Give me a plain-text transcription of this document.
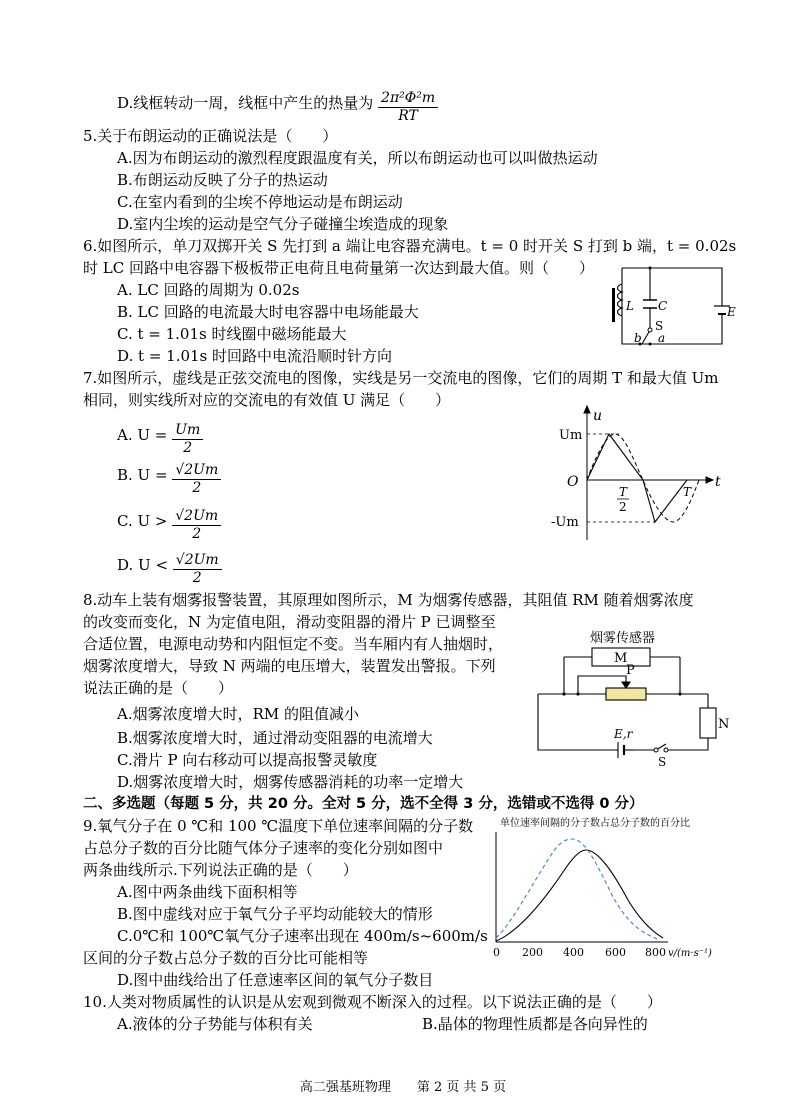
D.线框转动一周，线框中产生的热量为 $\frac{\text{2π²Φ²m}}{RT}$
5.关于布朗运动的正确说法是（　　）
A.因为布朗运动的激烈程度跟温度有关，所以布朗运动也可以叫做热运动
B.布朗运动反映了分子的热运动
C.在室内看到的尘埃不停地运动是布朗运动
D.室内尘埃的运动是空气分子碰撞尘埃造成的现象
6.如图所示，单刀双掷开关 S 先打到 a 端让电容器充满电。t = 0 时开关 S 打到 b 端，t = 0.02s
时 LC 回路中电容器下极板带正电荷且电荷量第一次达到最大值。则（　　）
A. LC 回路的周期为 0.02s
B. LC 回路的电流最大时电容器中电场能最大
C. t = 1.01s 时线圈中磁场能最大
D. t = 1.01s 时回路中电流沿顺时针方向
L C
S
E
b a
7.如图所示，虚线是正弦交流电的图像，实线是另一交流电的图像，它们的周期 T 和最大值 Um
相同，则实线所对应的交流电的有效值 U 满足（　　）
A. $U = \frac{Um}{2}$
B. $U = \frac{√2Um}{2}$
C. $U > \frac{√2Um}{2}$
D. $U < \frac{√2Um}{2}$
u
t
Um
-Um
O
T
2
T
8.动车上装有烟雾报警装置，其原理如图所示，M 为烟雾传感器，其阻值 RM 随着烟雾浓度
的改变而变化，N 为定值电阻，滑动变阻器的滑片 P 已调整至
合适位置，电源电动势和内阻恒定不变。当车厢内有人抽烟时，
烟雾浓度增大，导致 N 两端的电压增大，装置发出警报。下列
说法正确的是（　　）
A.烟雾浓度增大时，RM 的阻值减小
B.烟雾浓度增大时，通过滑动变阻器的电流增大
C.滑片 P 向右移动可以提高报警灵敏度
D.烟雾浓度增大时，烟雾传感器消耗的功率一定增大
烟雾传感器
M
P
N
E,r
S
二、多选题（每题 5 分，共 20 分。全对 5 分，选不全得 3 分，选错或不选得 0 分）
9.氧气分子在 0 ℃和 100 ℃温度下单位速率间隔的分子数
占总分子数的百分比随气体分子速率的变化分别如图中
两条曲线所示.下列说法正确的是（　　）
A.图中两条曲线下面积相等
B.图中虚线对应于氧气分子平均动能较大的情形
C.0℃和 100℃氧气分子速率出现在 400m/s~600m/s
区间的分子数占总分子数的百分比可能相等
D.图中曲线给出了任意速率区间的氧气分子数目
单位速率间隔的分子数占总分子数的百分比
0 200 400 600 800 v/(m·s⁻¹)
10.人类对物质属性的认识是从宏观到微观不断深入的过程。以下说法正确的是（　　）
A.液体的分子势能与体积有关	B.晶体的物理性质都是各向异性的
高二强基班物理　　第 2 页 共 5 页
